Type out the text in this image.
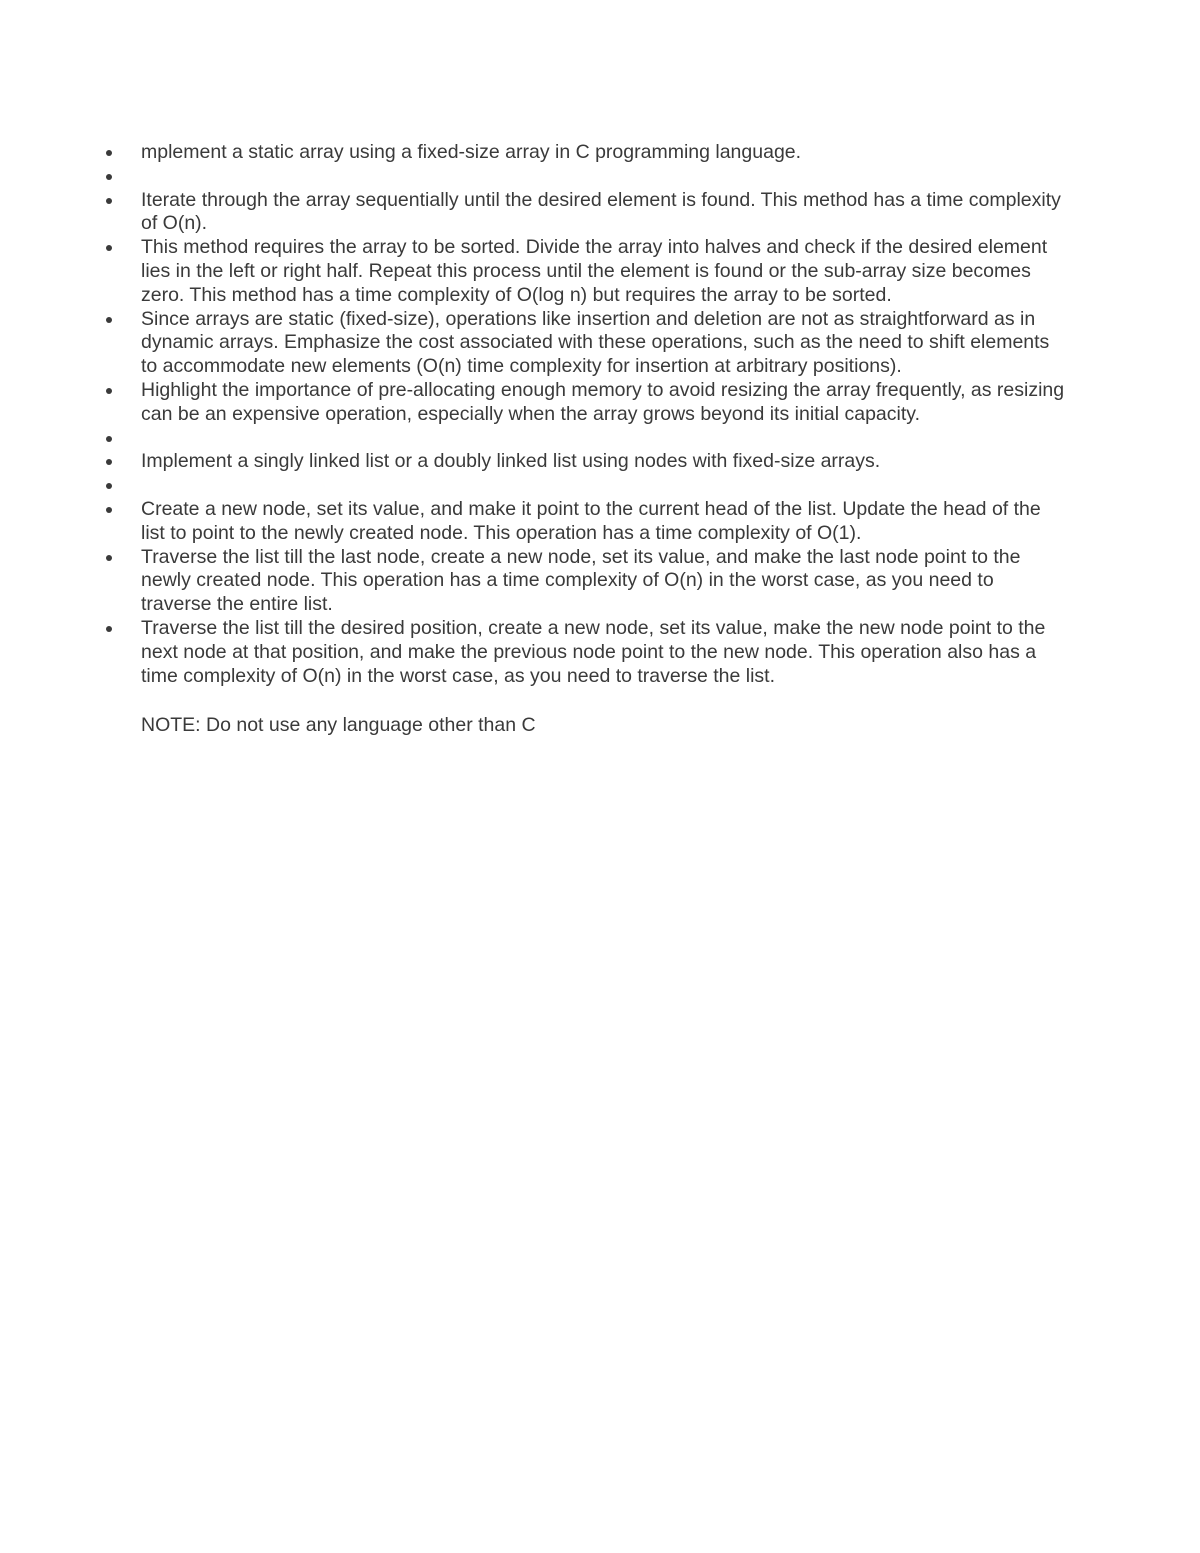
mplement a static array using a fixed-size array in C programming language.
Iterate through the array sequentially until the desired element is found. This method has a time complexity of O(n).
This method requires the array to be sorted. Divide the array into halves and check if the desired element lies in the left or right half. Repeat this process until the element is found or the sub-array size becomes zero. This method has a time complexity of O(log n) but requires the array to be sorted.
Since arrays are static (fixed-size), operations like insertion and deletion are not as straightforward as in dynamic arrays. Emphasize the cost associated with these operations, such as the need to shift elements to accommodate new elements (O(n) time complexity for insertion at arbitrary positions).
Highlight the importance of pre-allocating enough memory to avoid resizing the array frequently, as resizing can be an expensive operation, especially when the array grows beyond its initial capacity.
Implement a singly linked list or a doubly linked list using nodes with fixed-size arrays.
Create a new node, set its value, and make it point to the current head of the list. Update the head of the list to point to the newly created node. This operation has a time complexity of O(1).
Traverse the list till the last node, create a new node, set its value, and make the last node point to the newly created node. This operation has a time complexity of O(n) in the worst case, as you need to traverse the entire list.
Traverse the list till the desired position, create a new node, set its value, make the new node point to the next node at that position, and make the previous node point to the new node. This operation also has a time complexity of O(n) in the worst case, as you need to traverse the list.
NOTE: Do not use any language other than C
